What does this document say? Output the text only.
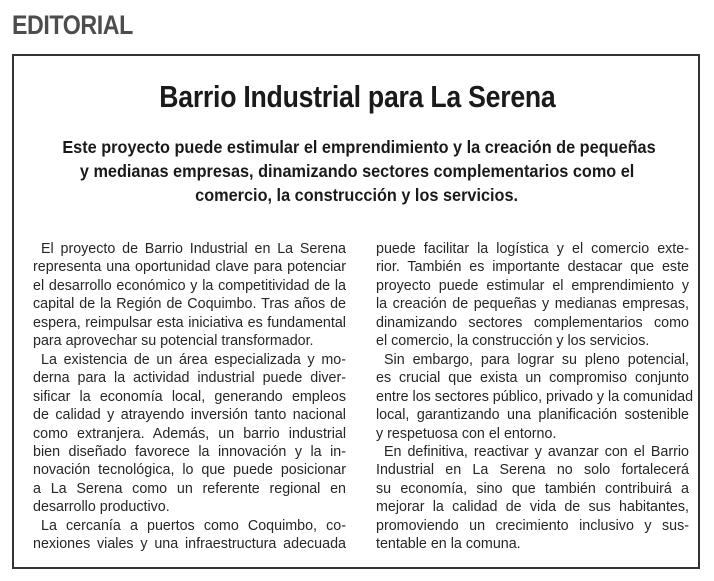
EDITORIAL
Barrio Industrial para La Serena
Este proyecto puede estimular el emprendimiento y la creación de pequeñas
y medianas empresas, dinamizando sectores complementarios como el
comercio, la construcción y los servicios.
El proyecto de Barrio Industrial en La Serena
representa una oportunidad clave para potenciar
el desarrollo económico y la competitividad de la
capital de la Región de Coquimbo. Tras años de
espera, reimpulsar esta iniciativa es fundamental
para aprovechar su potencial transformador.
La existencia de un área especializada y mo-
derna para la actividad industrial puede diver-
sificar la economía local, generando empleos
de calidad y atrayendo inversión tanto nacional
como extranjera. Además, un barrio industrial
bien diseñado favorece la innovación y la in-
novación tecnológica, lo que puede posicionar
a La Serena como un referente regional en
desarrollo productivo.
La cercanía a puertos como Coquimbo, co-
nexiones viales y una infraestructura adecuada
puede facilitar la logística y el comercio exte-
rior. También es importante destacar que este
proyecto puede estimular el emprendimiento y
la creación de pequeñas y medianas empresas,
dinamizando sectores complementarios como
el comercio, la construcción y los servicios.
Sin embargo, para lograr su pleno potencial,
es crucial que exista un compromiso conjunto
entre los sectores público, privado y la comunidad
local, garantizando una planificación sostenible
y respetuosa con el entorno.
En definitiva, reactivar y avanzar con el Barrio
Industrial en La Serena no solo fortalecerá
su economía, sino que también contribuirá a
mejorar la calidad de vida de sus habitantes,
promoviendo un crecimiento inclusivo y sus-
tentable en la comuna.
